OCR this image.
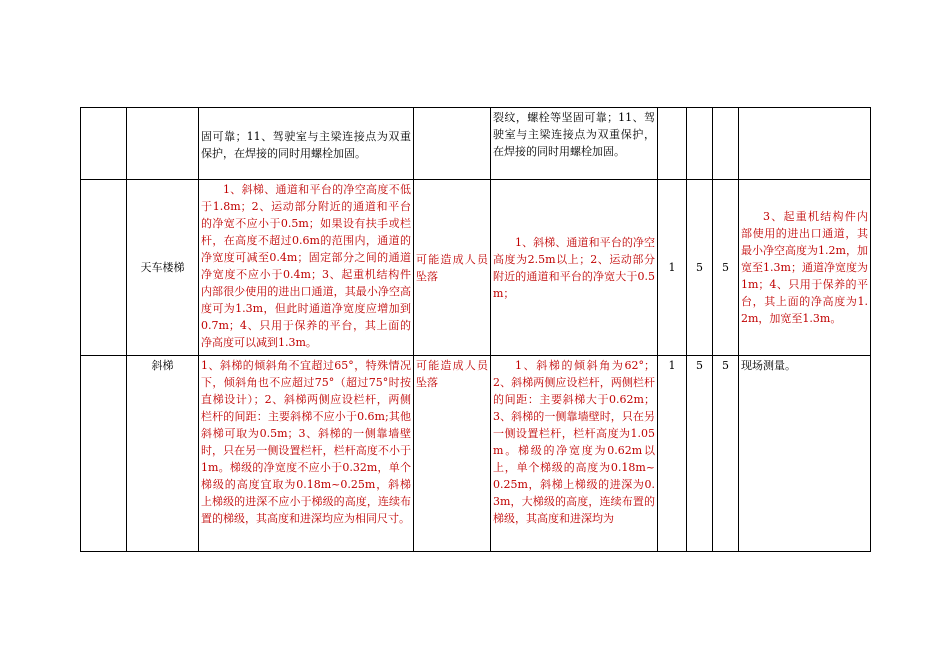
		固可靠；11、驾驶室与主梁连接点为双重保护，在焊接的同时用螺栓加固。		裂纹，螺栓等坚固可靠；11、驾驶室与主梁连接点为双重保护，在焊接的同时用螺栓加固。				
	天车楼梯	1、斜梯、通道和平台的净空高度不低于1.8m；2、运动部分附近的通道和平台的净宽不应小于0.5m；如果设有扶手或栏杆，在高度不超过0.6m的范围内，通道的净宽度可减至0.4m；固定部分之间的通道净宽度不应小于0.4m；3、起重机结构件内部很少使用的进出口通道，其最小净空高度可为1.3m，但此时通道净宽度应增加到0.7m；4、只用于保养的平台，其上面的净高度可以减到1.3m。	可能造成人员坠落	1、斜梯、通道和平台的净空高度为2.5m以上；2、运动部分附近的通道和平台的净宽大于0.5m；	1	5	5	3、起重机结构件内部使用的进出口通道，其最小净空高度为1.2m，加宽至1.3m；通道净宽度为1m；4、只用于保养的平台，其上面的净高度为1.2m，加宽至1.3m。
	斜梯	1、斜梯的倾斜角不宜超过65°，特殊情况下，倾斜角也不应超过75°（超过75°时按直梯设计）；2、斜梯两侧应设栏杆，两侧栏杆的间距：主要斜梯不应小于0.6m;其他斜梯可取为0.5m；3、斜梯的一侧靠墙壁时，只在另一侧设置栏杆，栏杆高度不小于1m。梯级的净宽度不应小于0.32m，单个梯级的高度宜取为0.18m~0.25m，斜梯上梯级的进深不应小于梯级的高度，连续布置的梯级，其高度和进深均应为相同尺寸。	可能造成人员坠落	1、斜梯的倾斜角为62°；2、斜梯两侧应设栏杆，两侧栏杆的间距：主要斜梯大于0.62m；3、斜梯的一侧靠墙壁时，只在另一侧设置栏杆，栏杆高度为1.05m。梯级的净宽度为0.62m以上，单个梯级的高度为0.18m~0.25m，斜梯上梯级的进深为0.3m，大梯级的高度，连续布置的梯级，其高度和进深均为	1	5	5	现场测量。
